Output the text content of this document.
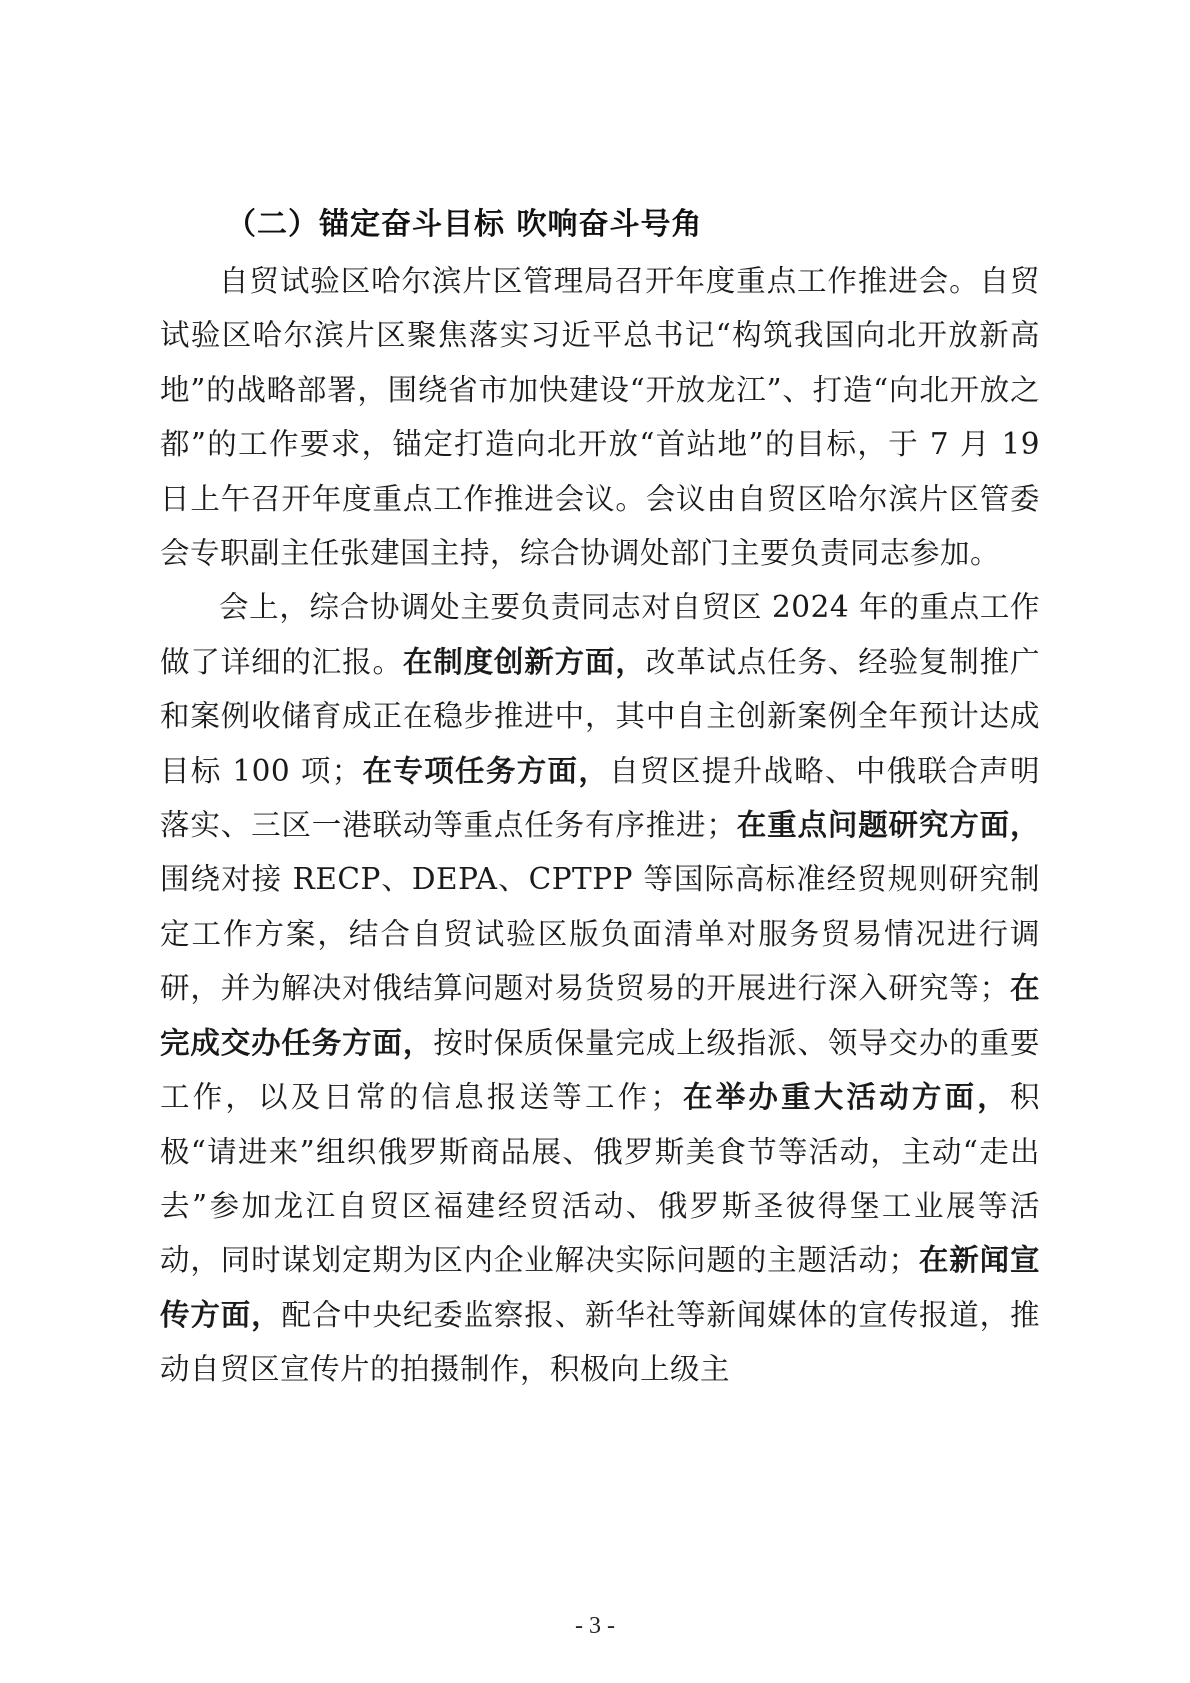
（二）锚定奋斗目标 吹响奋斗号角

自贸试验区哈尔滨片区管理局召开年度重点工作推进会。自贸试验区哈尔滨片区聚焦落实习近平总书记“构筑我国向北开放新高地”的战略部署，围绕省市加快建设“开放龙江”、打造“向北开放之都”的工作要求，锚定打造向北开放“首站地”的目标，于 7 月 19 日上午召开年度重点工作推进会议。会议由自贸区哈尔滨片区管委会专职副主任张建国主持，综合协调处部门主要负责同志参加。

会上，综合协调处主要负责同志对自贸区 2024 年的重点工作做了详细的汇报。在制度创新方面，改革试点任务、经验复制推广和案例收储育成正在稳步推进中，其中自主创新案例全年预计达成目标 100 项；在专项任务方面，自贸区提升战略、中俄联合声明落实、三区一港联动等重点任务有序推进；在重点问题研究方面，围绕对接 RECP、DEPA、CPTPP 等国际高标准经贸规则研究制定工作方案，结合自贸试验区版负面清单对服务贸易情况进行调研，并为解决对俄结算问题对易货贸易的开展进行深入研究等；在完成交办任务方面，按时保质保量完成上级指派、领导交办的重要工作，以及日常的信息报送等工作；在举办重大活动方面，积极“请进来”组织俄罗斯商品展、俄罗斯美食节等活动，主动“走出去”参加龙江自贸区福建经贸活动、俄罗斯圣彼得堡工业展等活动，同时谋划定期为区内企业解决实际问题的主题活动；在新闻宣传方面，配合中央纪委监察报、新华社等新闻媒体的宣传报道，推动自贸区宣传片的拍摄制作，积极向上级主

- 3 -
